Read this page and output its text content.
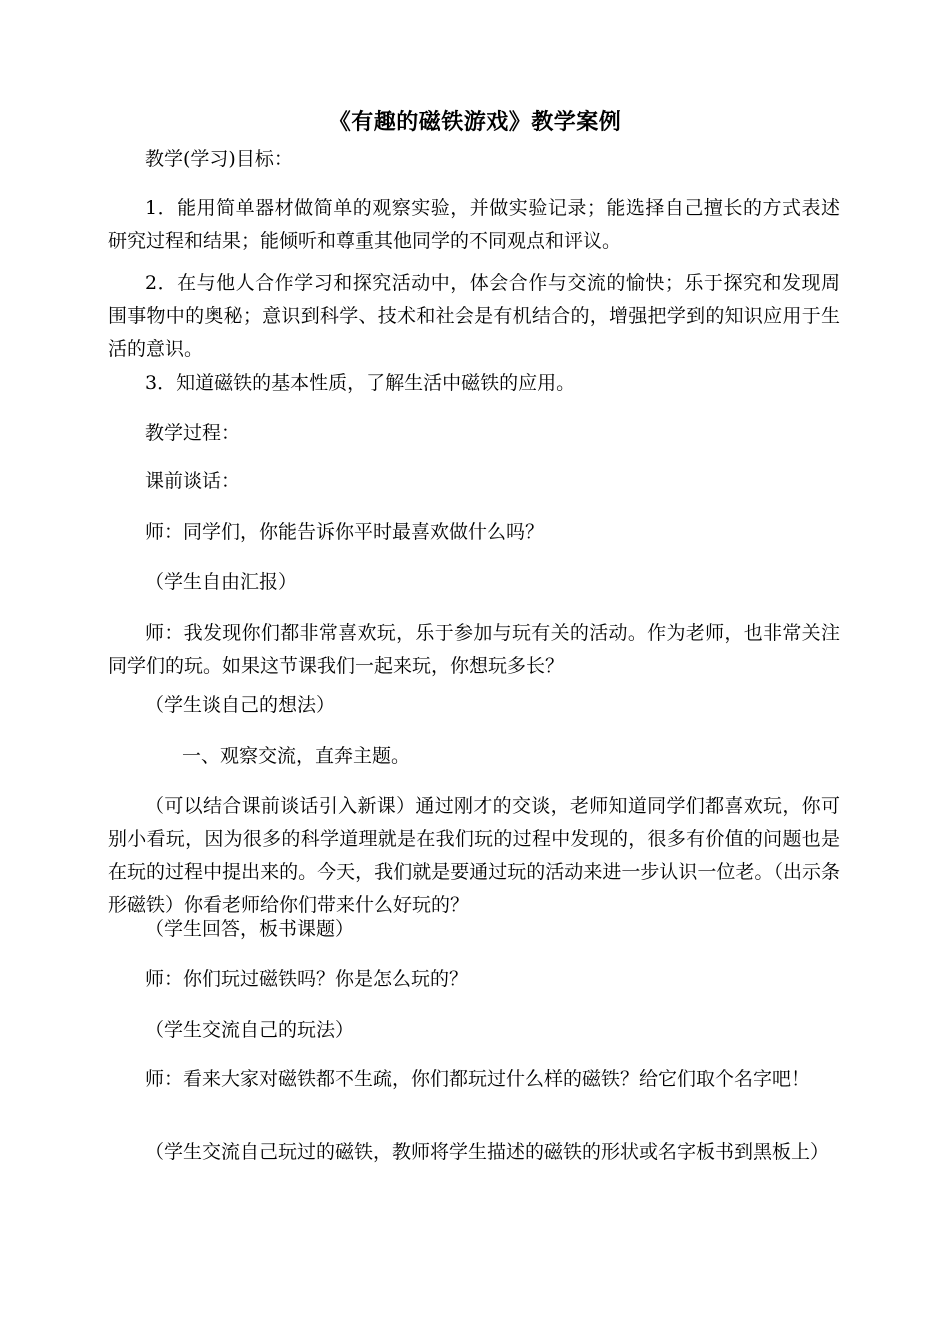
《有趣的磁铁游戏》教学案例

教学(学习)目标：

1．能用简单器材做简单的观察实验，并做实验记录；能选择自己擅长的方式表述研究过程和结果；能倾听和尊重其他同学的不同观点和评议。

2．在与他人合作学习和探究活动中，体会合作与交流的愉快；乐于探究和发现周围事物中的奥秘；意识到科学、技术和社会是有机结合的，增强把学到的知识应用于生活的意识。

3．知道磁铁的基本性质，了解生活中磁铁的应用。

教学过程：

课前谈话：

师：同学们，你能告诉你平时最喜欢做什么吗？

（学生自由汇报）

师：我发现你们都非常喜欢玩，乐于参加与玩有关的活动。作为老师，也非常关注同学们的玩。如果这节课我们一起来玩，你想玩多长？

（学生谈自己的想法）

一、观察交流，直奔主题。

（可以结合课前谈话引入新课）通过刚才的交谈，老师知道同学们都喜欢玩，你可别小看玩，因为很多的科学道理就是在我们玩的过程中发现的，很多有价值的问题也是在玩的过程中提出来的。今天，我们就是要通过玩的活动来进一步认识一位老。（出示条形磁铁）你看老师给你们带来什么好玩的？

（学生回答，板书课题）

师：你们玩过磁铁吗？你是怎么玩的？

（学生交流自己的玩法）

师：看来大家对磁铁都不生疏，你们都玩过什么样的磁铁？给它们取个名字吧！

（学生交流自己玩过的磁铁，教师将学生描述的磁铁的形状或名字板书到黑板上）
